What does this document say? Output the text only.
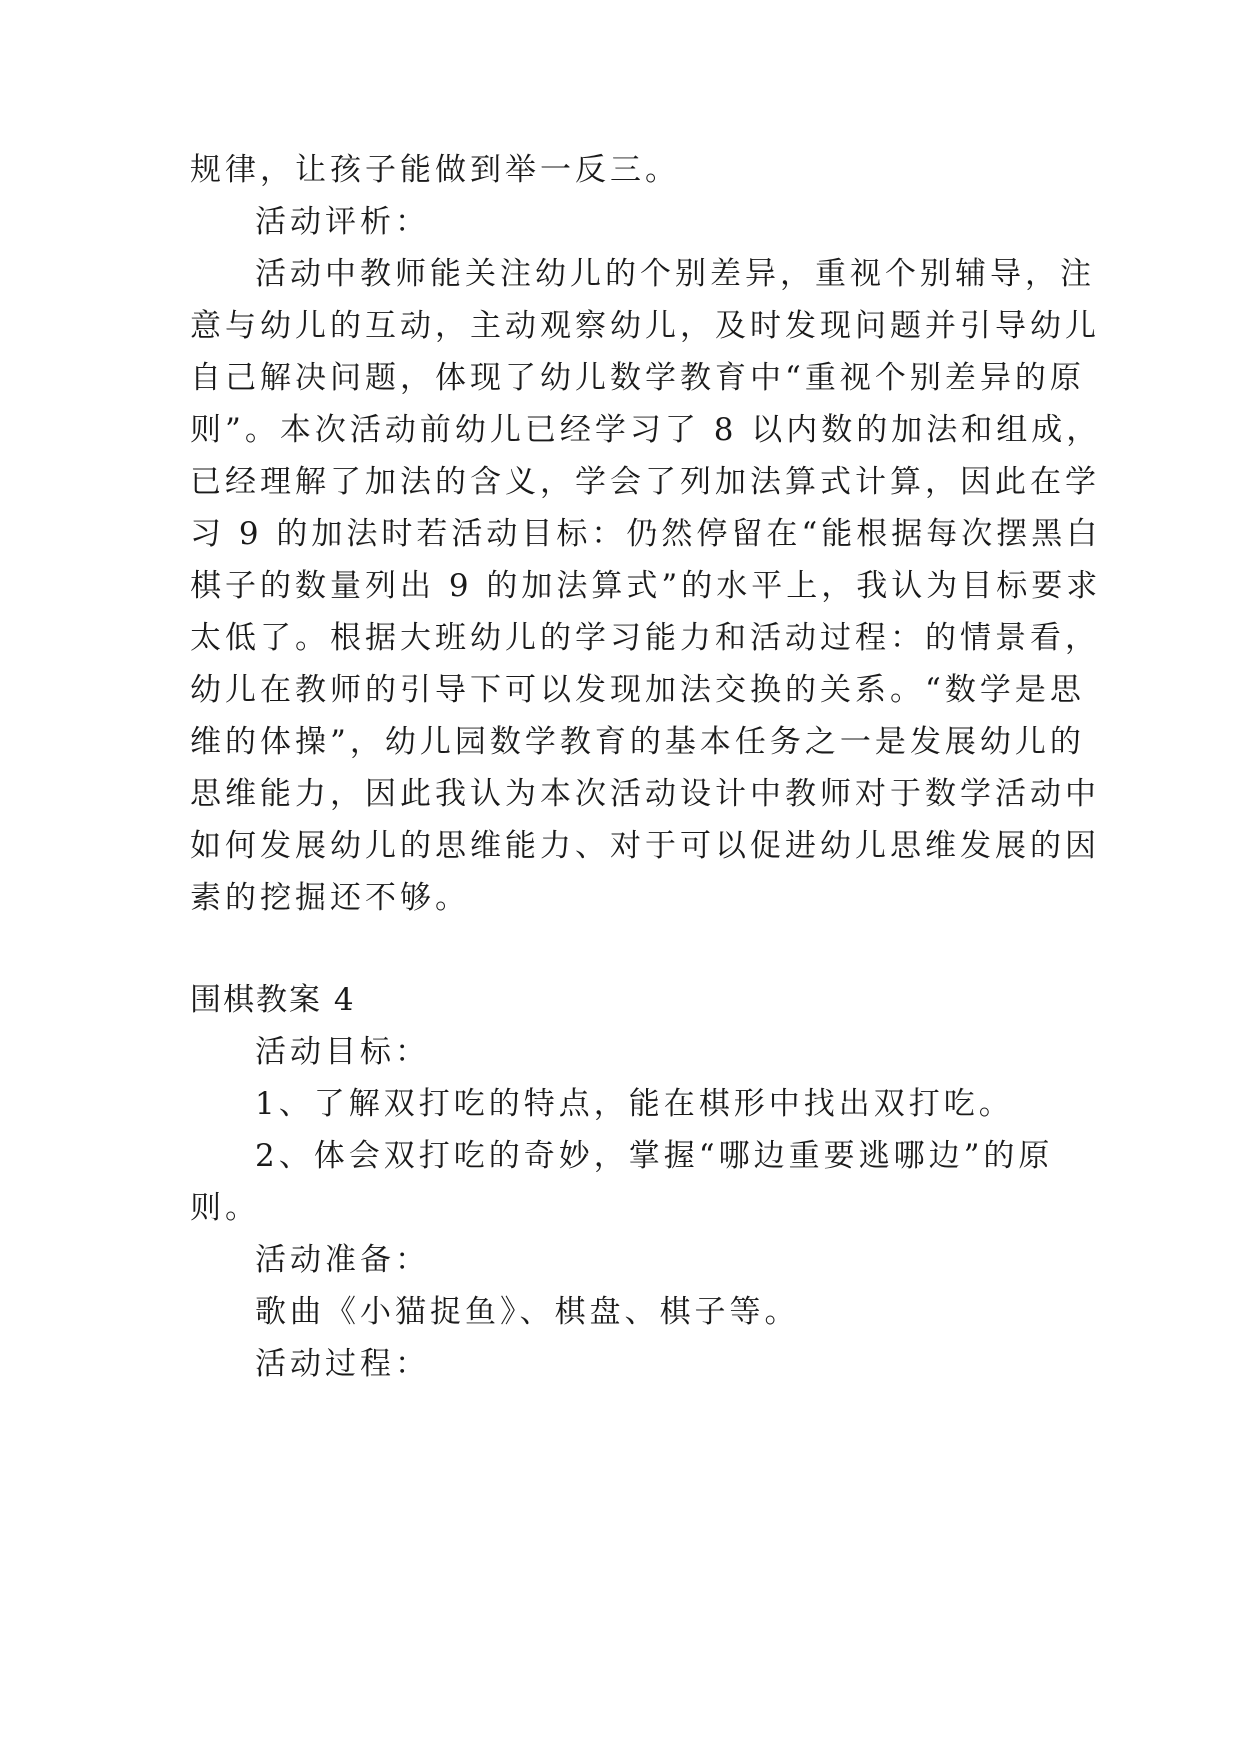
规律，让孩子能做到举一反三。
活动评析：
活动中教师能关注幼儿的个别差异，重视个别辅导，注
意与幼儿的互动，主动观察幼儿，及时发现问题并引导幼儿
自己解决问题，体现了幼儿数学教育中“重视个别差异的原
则”。本次活动前幼儿已经学习了 8 以内数的加法和组成，
已经理解了加法的含义，学会了列加法算式计算，因此在学
习 9 的加法时若活动目标：仍然停留在“能根据每次摆黑白
棋子的数量列出 9 的加法算式”的水平上，我认为目标要求
太低了。根据大班幼儿的学习能力和活动过程：的情景看，
幼儿在教师的引导下可以发现加法交换的关系。“数学是思
维的体操”，幼儿园数学教育的基本任务之一是发展幼儿的
思维能力，因此我认为本次活动设计中教师对于数学活动中
如何发展幼儿的思维能力、对于可以促进幼儿思维发展的因
素的挖掘还不够。
围棋教案 4
活动目标：
1、了解双打吃的特点，能在棋形中找出双打吃。
2、体会双打吃的奇妙，掌握“哪边重要逃哪边”的原
则。
活动准备：
歌曲《小猫捉鱼》、棋盘、棋子等。
活动过程：
